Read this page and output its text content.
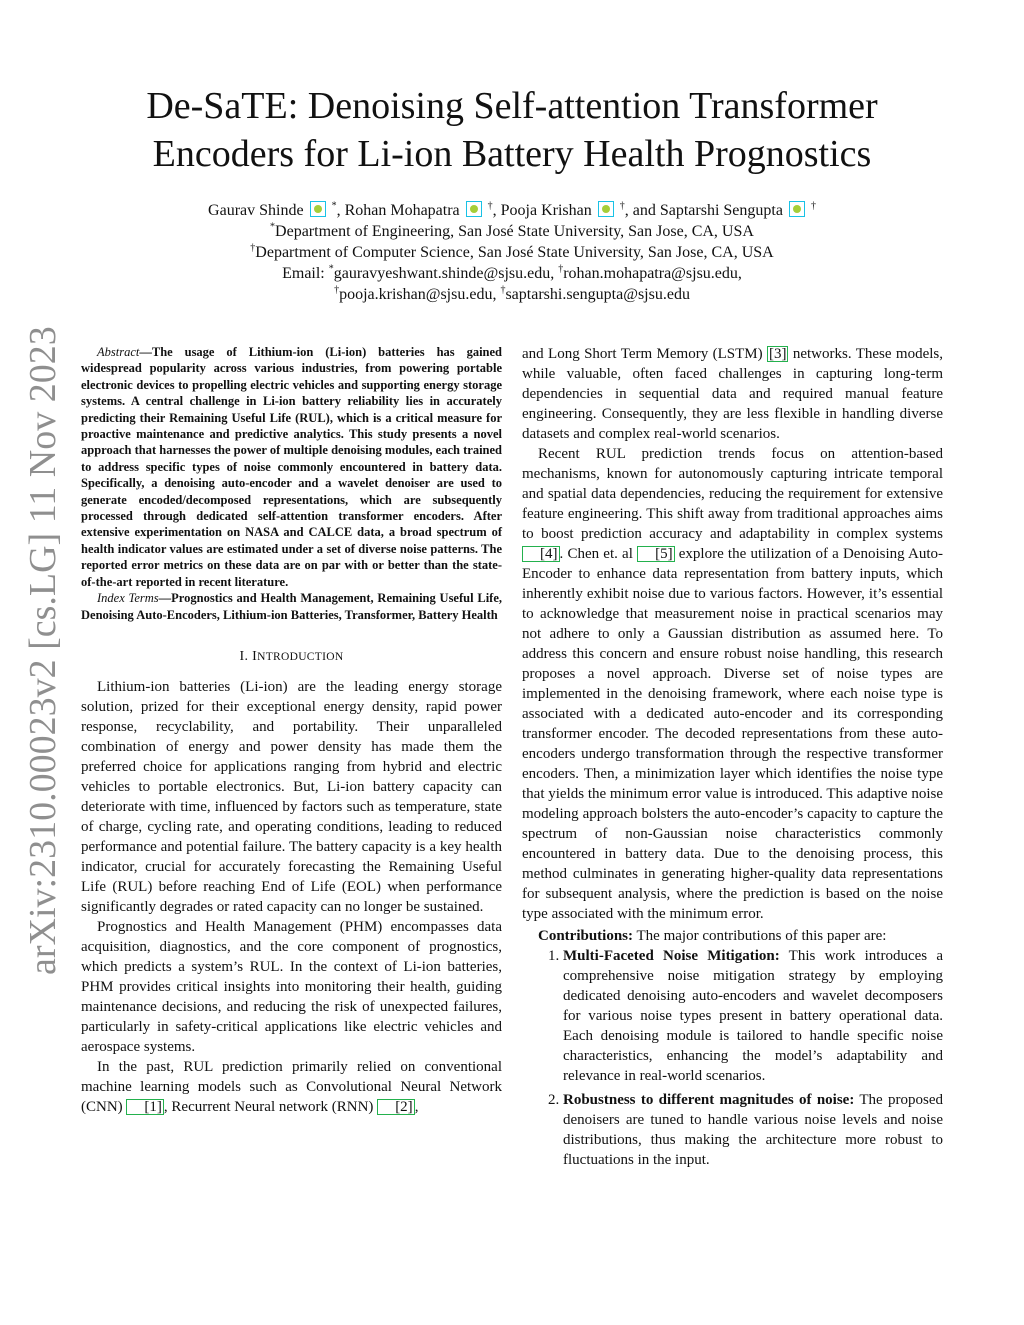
De-SaTE: Denoising Self-attention Transformer
Encoders for Li-ion Battery Health Prognostics
Gaurav Shinde	*, Rohan Mohapatra	†, Pooja Krishan	†, and Saptarshi Sengupta	†
*Department of Engineering, San José State University, San Jose, CA, USA
†Department of Computer Science, San José State University, San Jose, CA, USA
Email: *gauravyeshwant.shinde@sjsu.edu, †rohan.mohapatra@sjsu.edu,
†pooja.krishan@sjsu.edu, †saptarshi.sengupta@sjsu.edu
arXiv:2310.00023v2 [cs.LG] 11 Nov 2023	Abstract—The usage of Lithium-ion (Li-ion) batteries has gained widespread popularity across various industries, from powering portable electronic devices to propelling electric vehicles and supporting energy storage systems. A central challenge in Li-ion battery reliability lies in accurately predicting their Remaining Useful Life (RUL), which is a critical measure for proactive maintenance and predictive analytics. This study presents a novel approach that harnesses the power of multiple denoising modules, each trained to address specific types of noise commonly encountered in battery data. Specifically, a denoising auto-encoder and a wavelet denoiser are used to generate encoded/decomposed representations, which are subsequently processed through dedicated self-attention transformer encoders. After extensive experimentation on NASA and CALCE data, a broad spectrum of health indicator values are estimated under a set of diverse noise patterns. The reported error metrics on these data are on par with or better than the state-of-the-art reported in recent literature.

Index Terms—Prognostics and Health Management, Remaining Useful Life, Denoising Auto-Encoders, Lithium-ion Batteries, Transformer, Battery Health

I. INTRODUCTION

Lithium-ion batteries (Li-ion) are the leading energy storage solution, prized for their exceptional energy density, rapid power response, recyclability, and portability. Their unparalleled combination of energy and power density has made them the preferred choice for applications ranging from hybrid and electric vehicles to portable electronics. But, Li-ion battery capacity can deteriorate with time, influenced by factors such as temperature, state of charge, cycling rate, and operating conditions, leading to reduced performance and potential failure. The battery capacity is a key health indicator, crucial for accurately forecasting the Remaining Useful Life (RUL) before reaching End of Life (EOL) when performance significantly degrades or rated capacity can no longer be sustained.

Prognostics and Health Management (PHM) encompasses data acquisition, diagnostics, and the core component of prognostics, which predicts a system’s RUL. In the context of Li-ion batteries, PHM provides critical insights into monitoring their health, guiding maintenance decisions, and reducing the risk of unexpected failures, particularly in safety-critical applications like electric vehicles and aerospace systems.

In the past, RUL prediction primarily relied on conventional machine learning models such as Convolutional Neural Network (CNN) [1] , Recurrent Neural network (RNN) [2] ,

and Long Short Term Memory (LSTM) [3] networks. These models, while valuable, often faced challenges in capturing long-term dependencies in sequential data and required manual feature engineering. Consequently, they are less flexible in handling diverse datasets and complex real-world scenarios.

Recent RUL prediction trends focus on attention-based mechanisms, known for autonomously capturing intricate temporal and spatial data dependencies, reducing the requirement for extensive feature engineering. This shift away from traditional approaches aims to boost prediction accuracy and adaptability in complex systems [4] . Chen et. al [5] explore the utilization of a Denoising Auto-Encoder to enhance data representation from battery inputs, which inherently exhibit noise due to various factors. However, it’s essential to acknowledge that measurement noise in practical scenarios may not adhere to only a Gaussian distribution as assumed here. To address this concern and ensure robust noise handling, this research proposes a novel approach. Diverse set of noise types are implemented in the denoising framework, where each noise type is associated with a dedicated auto-encoder and its corresponding transformer encoder. The decoded representations from these auto-encoders undergo transformation through the respective transformer encoders. Then, a minimization layer which identifies the noise type that yields the minimum error value is introduced. This adaptive noise modeling approach bolsters the auto-encoder’s capacity to capture the spectrum of non-Gaussian noise characteristics commonly encountered in battery data. Due to the denoising process, this method culminates in generating higher-quality data representations for subsequent analysis, where the prediction is based on the noise type associated with the minimum error.

Contributions: The major contributions of this paper are:

1. Multi-Faceted Noise Mitigation: This work introduces a comprehensive noise mitigation strategy by employing dedicated denoising auto-encoders and wavelet decomposers for various noise types present in battery operational data. Each denoising module is tailored to handle specific noise characteristics, enhancing the model’s adaptability and relevance in real-world scenarios.
2. Robustness to different magnitudes of noise: The proposed denoisers are tuned to handle various noise levels and noise distributions, thus making the architecture more robust to fluctuations in the input.
